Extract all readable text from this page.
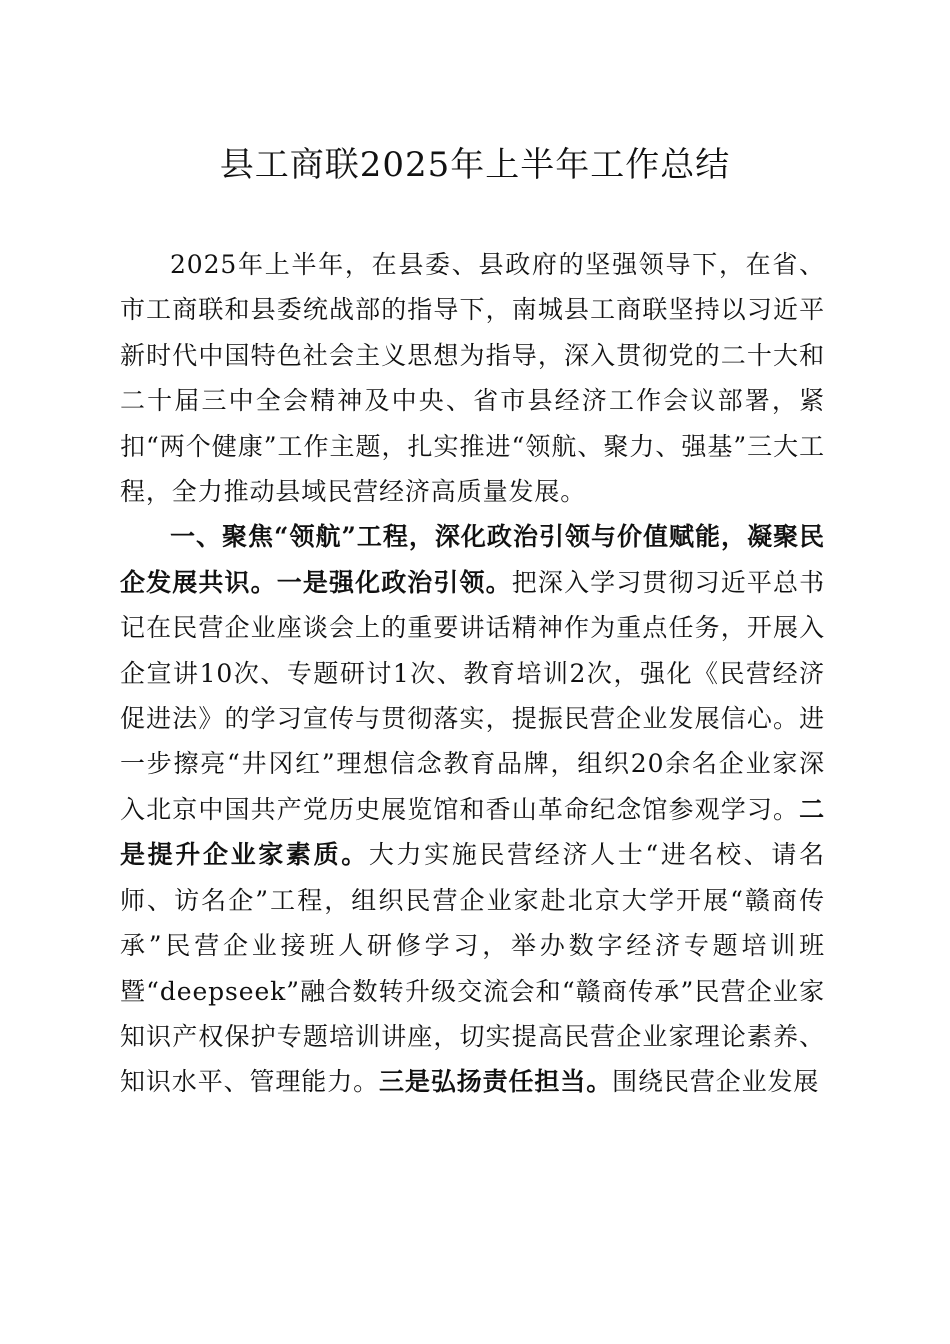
县工商联2025年上半年工作总结

2025年上半年，在县委、县政府的坚强领导下，在省、市工商联和县委统战部的指导下，南城县工商联坚持以习近平新时代中国特色社会主义思想为指导，深入贯彻党的二十大和二十届三中全会精神及中央、省市县经济工作会议部署，紧扣“两个健康”工作主题，扎实推进“领航、聚力、强基”三大工程，全力推动县域民营经济高质量发展。

一、聚焦“领航”工程，深化政治引领与价值赋能，凝聚民企发展共识。一是强化政治引领。把深入学习贯彻习近平总书记在民营企业座谈会上的重要讲话精神作为重点任务，开展入企宣讲10次、专题研讨1次、教育培训2次，强化《民营经济促进法》的学习宣传与贯彻落实，提振民营企业发展信心。进一步擦亮“井冈红”理想信念教育品牌，组织20余名企业家深入北京中国共产党历史展览馆和香山革命纪念馆参观学习。二是提升企业家素质。大力实施民营经济人士“进名校、请名师、访名企”工程，组织民营企业家赴北京大学开展“赣商传承”民营企业接班人研修学习，举办数字经济专题培训班暨“deepseek”融合数转升级交流会和“赣商传承”民营企业家知识产权保护专题培训讲座，切实提高民营企业家理论素养、知识水平、管理能力。三是弘扬责任担当。围绕民营企业发展
